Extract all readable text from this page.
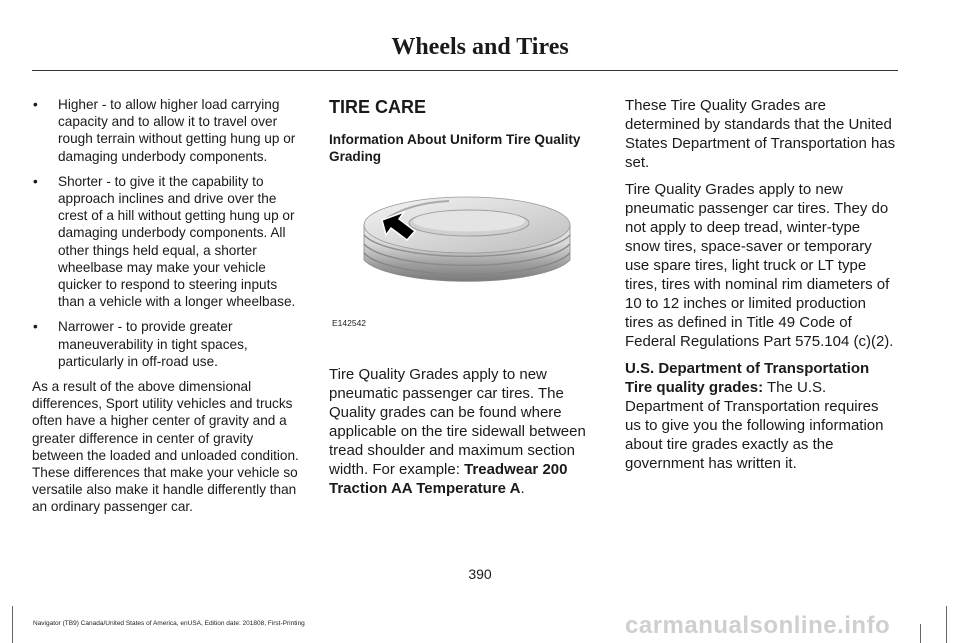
Wheels and Tires
• Higher - to allow higher load carrying capacity and to allow it to travel over rough terrain without getting hung up or damaging underbody components.
• Shorter - to give it the capability to approach inclines and drive over the crest of a hill without getting hung up or damaging underbody components. All other things held equal, a shorter wheelbase may make your vehicle quicker to respond to steering inputs than a vehicle with a longer wheelbase.
• Narrower - to provide greater maneuverability in tight spaces, particularly in off-road use.

As a result of the above dimensional differences, Sport utility vehicles and trucks often have a higher center of gravity and a greater difference in center of gravity between the loaded and unloaded condition. These differences that make your vehicle so versatile also make it handle differently than an ordinary passenger car.

TIRE CARE
Information About Uniform Tire Quality Grading
E142542

Tire Quality Grades apply to new pneumatic passenger car tires. The Quality grades can be found where applicable on the tire sidewall between tread shoulder and maximum section width. For example: Treadwear 200 Traction AA Temperature A.

These Tire Quality Grades are determined by standards that the United States Department of Transportation has set.

Tire Quality Grades apply to new pneumatic passenger car tires. They do not apply to deep tread, winter-type snow tires, space-saver or temporary use spare tires, light truck or LT type tires, tires with nominal rim diameters of 10 to 12 inches or limited production tires as defined in Title 49 Code of Federal Regulations Part 575.104 (c)(2).

U.S. Department of Transportation Tire quality grades: The U.S. Department of Transportation requires us to give you the following information about tire grades exactly as the government has written it.

390
Navigator (TB9) Canada/United States of America, enUSA, Edition date: 201808, First-Printing	carmanualsonline.info
